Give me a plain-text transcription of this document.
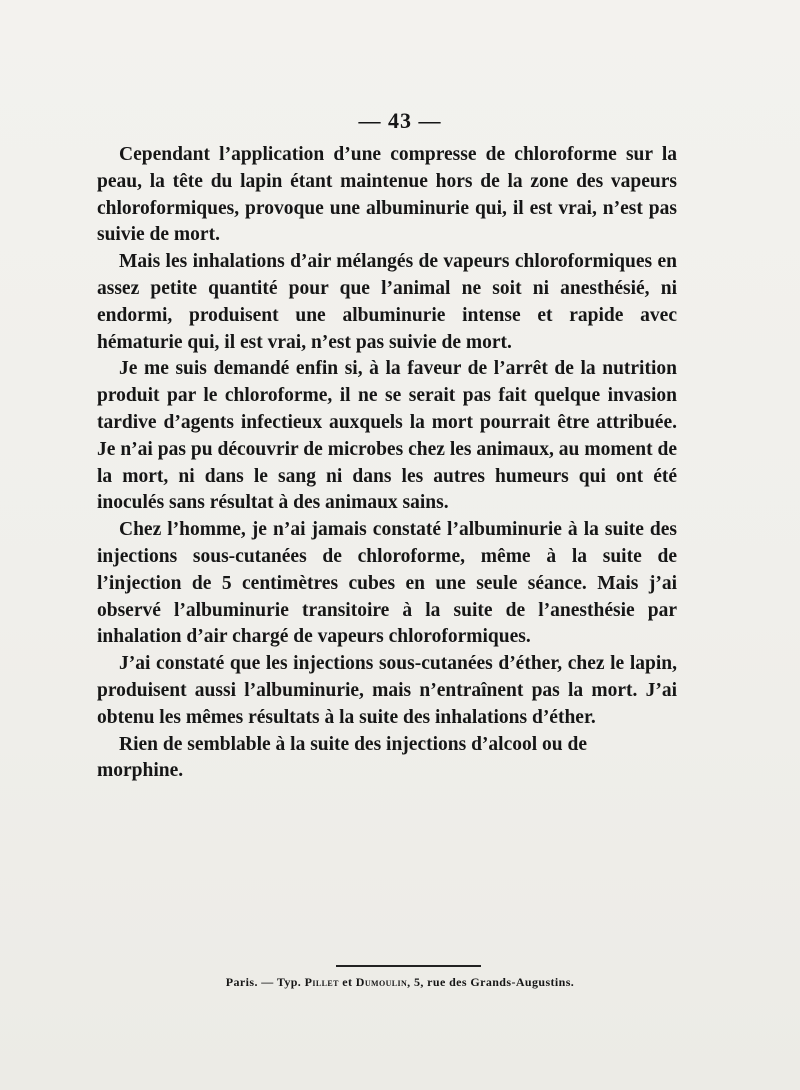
— 43 —

Cependant l’application d’une compresse de chloroforme sur la peau, la tête du lapin étant maintenue hors de la zone des vapeurs chloroformiques, provoque une albuminurie qui, il est vrai, n’est pas suivie de mort.

Mais les inhalations d’air mélangés de vapeurs chloroformiques en assez petite quantité pour que l’animal ne soit ni anesthésié, ni endormi, produisent une albuminurie intense et rapide avec hématurie qui, il est vrai, n’est pas suivie de mort.

Je me suis demandé enfin si, à la faveur de l’arrêt de la nutrition produit par le chloroforme, il ne se serait pas fait quelque invasion tardive d’agents infectieux auxquels la mort pourrait être attribuée. Je n’ai pas pu découvrir de microbes chez les animaux, au moment de la mort, ni dans le sang ni dans les autres humeurs qui ont été inoculés sans résultat à des animaux sains.

Chez l’homme, je n’ai jamais constaté l’albuminurie à la suite des injections sous-cutanées de chloroforme, même à la suite de l’injection de 5 centimètres cubes en une seule séance. Mais j’ai observé l’albuminurie transitoire à la suite de l’anesthésie par inhalation d’air chargé de vapeurs chloroformiques.

J’ai constaté que les injections sous-cutanées d’éther, chez le lapin, produisent aussi l’albuminurie, mais n’entraînent pas la mort. J’ai obtenu les mêmes résultats à la suite des inhalations d’éther.

Rien de semblable à la suite des injections d’alcool ou de morphine.

Paris. — Typ. Pillet et Dumoulin, 5, rue des Grands-Augustins.
